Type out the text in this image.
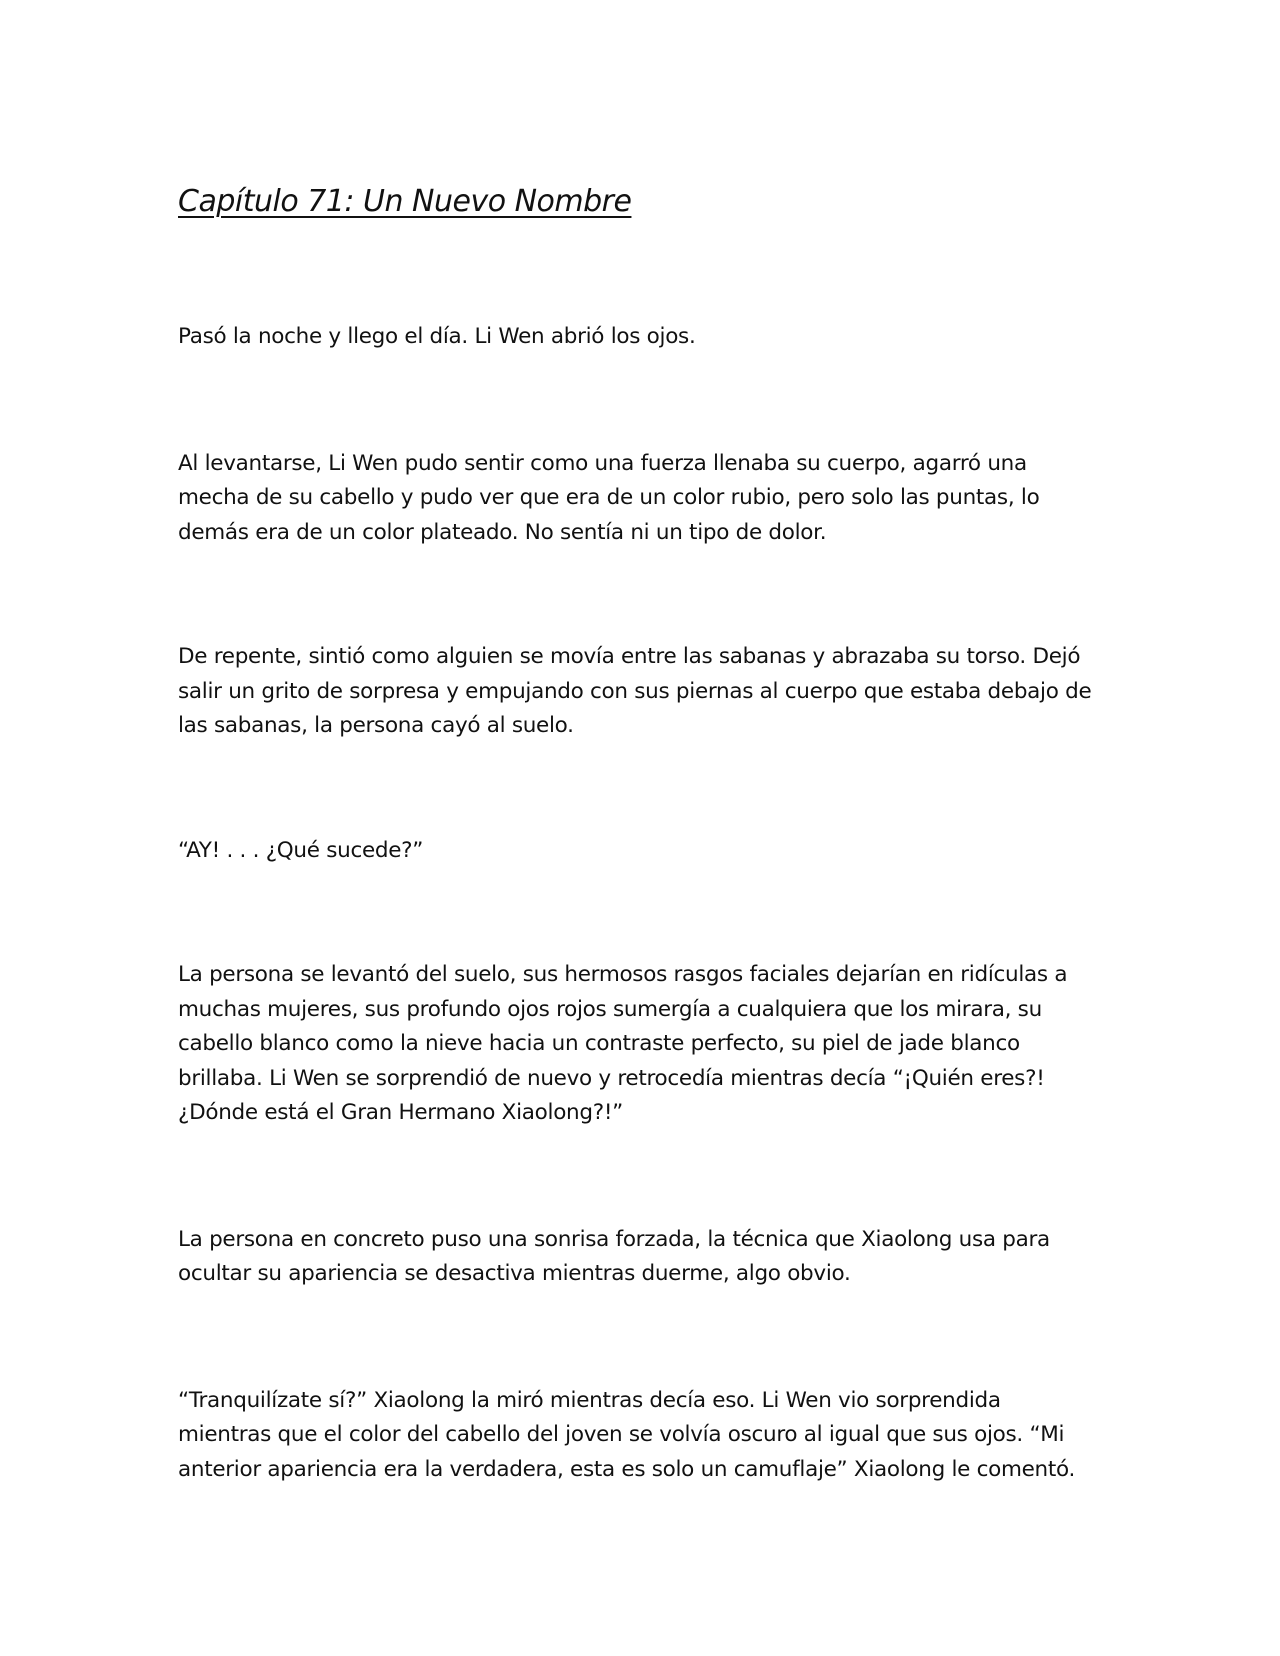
Capítulo 71: Un Nuevo Nombre

Pasó la noche y llego el día. Li Wen abrió los ojos.

Al levantarse, Li Wen pudo sentir como una fuerza llenaba su cuerpo, agarró una mecha de su cabello y pudo ver que era de un color rubio, pero solo las puntas, lo demás era de un color plateado. No sentía ni un tipo de dolor.

De repente, sintió como alguien se movía entre las sabanas y abrazaba su torso. Dejó salir un grito de sorpresa y empujando con sus piernas al cuerpo que estaba debajo de las sabanas, la persona cayó al suelo.

“AY! . . . ¿Qué sucede?”

La persona se levantó del suelo, sus hermosos rasgos faciales dejarían en ridículas a muchas mujeres, sus profundo ojos rojos sumergía a cualquiera que los mirara, su cabello blanco como la nieve hacia un contraste perfecto, su piel de jade blanco brillaba. Li Wen se sorprendió de nuevo y retrocedía mientras decía “¡Quién eres?! ¿Dónde está el Gran Hermano Xiaolong?!”

La persona en concreto puso una sonrisa forzada, la técnica que Xiaolong usa para ocultar su apariencia se desactiva mientras duerme, algo obvio.

“Tranquilízate sí?” Xiaolong la miró mientras decía eso. Li Wen vio sorprendida mientras que el color del cabello del joven se volvía oscuro al igual que sus ojos. “Mi anterior apariencia era la verdadera, esta es solo un camuflaje” Xiaolong le comentó.
